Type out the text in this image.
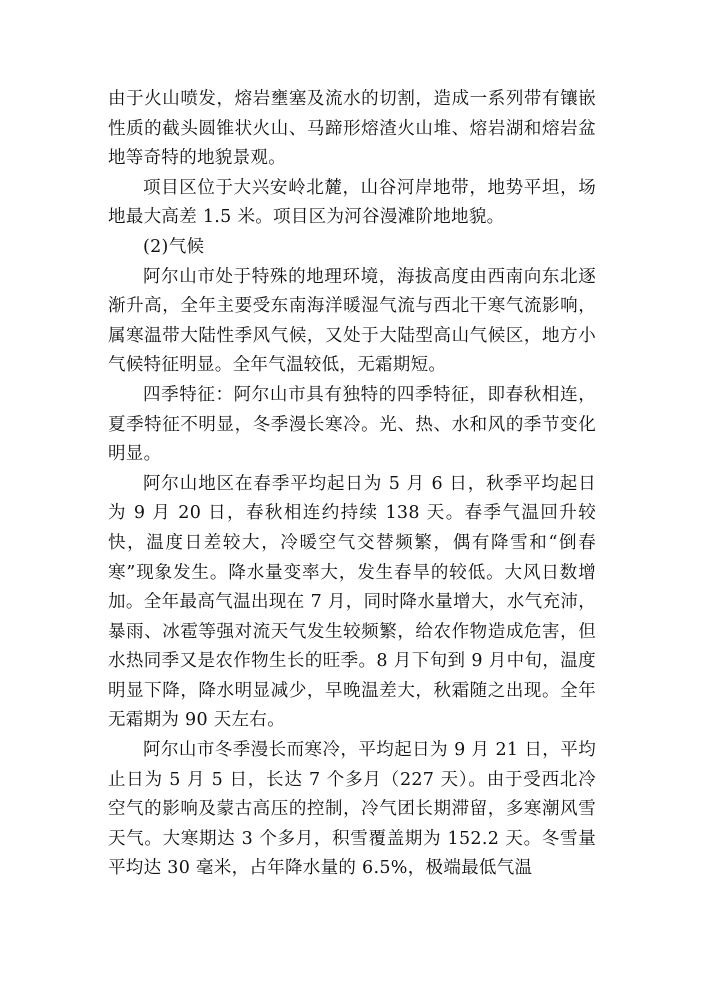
由于火山喷发，熔岩壅塞及流水的切割，造成一系列带有镶嵌性质的截头圆锥状火山、马蹄形熔渣火山堆、熔岩湖和熔岩盆地等奇特的地貌景观。

项目区位于大兴安岭北麓，山谷河岸地带，地势平坦，场地最大高差 1.5 米。项目区为河谷漫滩阶地地貌。

(2)气候

阿尔山市处于特殊的地理环境，海拔高度由西南向东北逐渐升高，全年主要受东南海洋暖湿气流与西北干寒气流影响，属寒温带大陆性季风气候，又处于大陆型高山气候区，地方小气候特征明显。全年气温较低，无霜期短。

四季特征：阿尔山市具有独特的四季特征，即春秋相连，夏季特征不明显，冬季漫长寒冷。光、热、水和风的季节变化明显。

阿尔山地区在春季平均起日为 5 月 6 日，秋季平均起日为 9 月 20 日，春秋相连约持续 138 天。春季气温回升较快，温度日差较大，冷暖空气交替频繁，偶有降雪和“倒春寒”现象发生。降水量变率大，发生春旱的较低。大风日数增加。全年最高气温出现在 7 月，同时降水量增大，水气充沛，暴雨、冰雹等强对流天气发生较频繁，给农作物造成危害，但水热同季又是农作物生长的旺季。8 月下旬到 9 月中旬，温度明显下降，降水明显减少，早晚温差大，秋霜随之出现。全年无霜期为 90 天左右。

阿尔山市冬季漫长而寒冷，平均起日为 9 月 21 日，平均止日为 5 月 5 日，长达 7 个多月（227 天）。由于受西北冷空气的影响及蒙古高压的控制，冷气团长期滞留，多寒潮风雪天气。大寒期达 3 个多月，积雪覆盖期为 152.2 天。冬雪量平均达 30 毫米，占年降水量的 6.5%，极端最低气温
